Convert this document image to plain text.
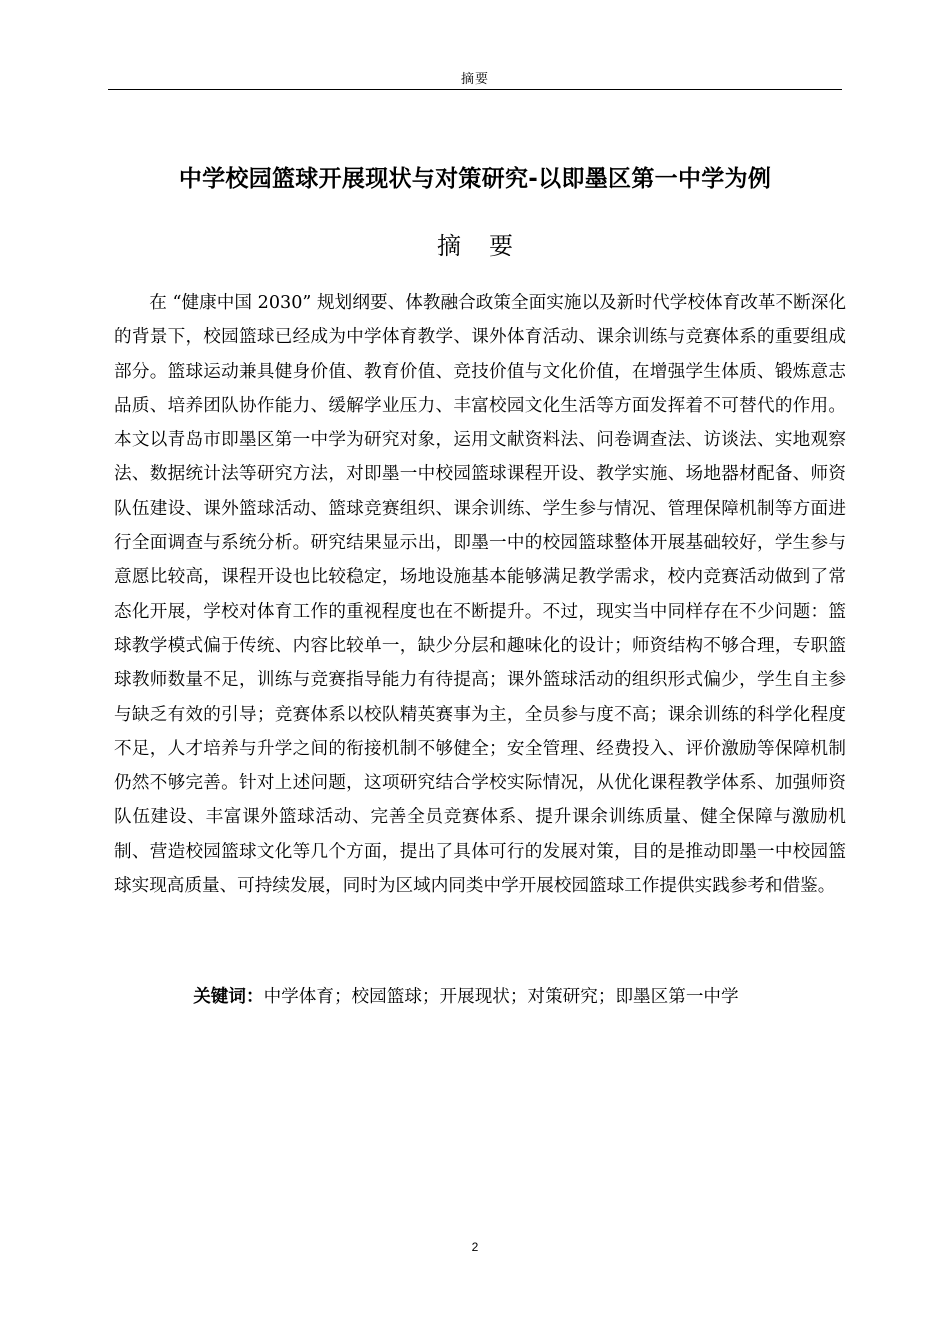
摘要
中学校园篮球开展现状与对策研究-以即墨区第一中学为例
摘要

在 “健康中国 2030” 规划纲要、体教融合政策全面实施以及新时代学校体育改革不断深化的背景下，校园篮球已经成为中学体育教学、课外体育活动、课余训练与竞赛体系的重要组成部分。篮球运动兼具健身价值、教育价值、竞技价值与文化价值，在增强学生体质、锻炼意志品质、培养团队协作能力、缓解学业压力、丰富校园文化生活等方面发挥着不可替代的作用。本文以青岛市即墨区第一中学为研究对象，运用文献资料法、问卷调查法、访谈法、实地观察法、数据统计法等研究方法，对即墨一中校园篮球课程开设、教学实施、场地器材配备、师资队伍建设、课外篮球活动、篮球竞赛组织、课余训练、学生参与情况、管理保障机制等方面进行全面调查与系统分析。研究结果显示出，即墨一中的校园篮球整体开展基础较好，学生参与意愿比较高，课程开设也比较稳定，场地设施基本能够满足教学需求，校内竞赛活动做到了常态化开展，学校对体育工作的重视程度也在不断提升。不过，现实当中同样存在不少问题：篮球教学模式偏于传统、内容比较单一，缺少分层和趣味化的设计；师资结构不够合理，专职篮球教师数量不足，训练与竞赛指导能力有待提高；课外篮球活动的组织形式偏少，学生自主参与缺乏有效的引导；竞赛体系以校队精英赛事为主，全员参与度不高；课余训练的科学化程度不足，人才培养与升学之间的衔接机制不够健全；安全管理、经费投入、评价激励等保障机制仍然不够完善。针对上述问题，这项研究结合学校实际情况，从优化课程教学体系、加强师资队伍建设、丰富课外篮球活动、完善全员竞赛体系、提升课余训练质量、健全保障与激励机制、营造校园篮球文化等几个方面，提出了具体可行的发展对策，目的是推动即墨一中校园篮球实现高质量、可持续发展，同时为区域内同类中学开展校园篮球工作提供实践参考和借鉴。

关键词：中学体育；校园篮球；开展现状；对策研究；即墨区第一中学
2
